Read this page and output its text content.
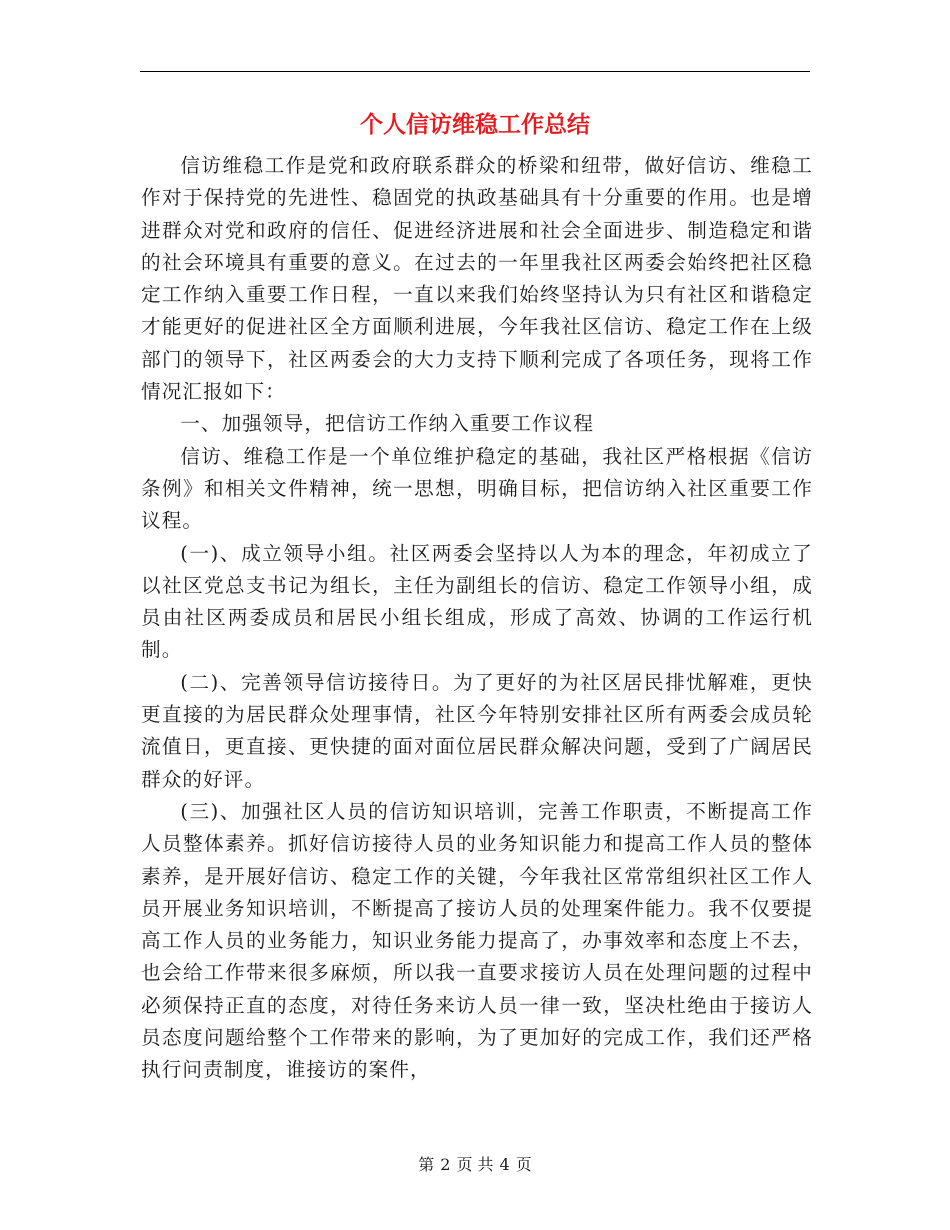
个人信访维稳工作总结

信访维稳工作是党和政府联系群众的桥梁和纽带，做好信访、维稳工作对于保持党的先进性、稳固党的执政基础具有十分重要的作用。也是增进群众对党和政府的信任、促进经济进展和社会全面进步、制造稳定和谐的社会环境具有重要的意义。在过去的一年里我社区两委会始终把社区稳定工作纳入重要工作日程，一直以来我们始终坚持认为只有社区和谐稳定才能更好的促进社区全方面顺利进展，今年我社区信访、稳定工作在上级部门的领导下，社区两委会的大力支持下顺利完成了各项任务，现将工作情况汇报如下：

一、加强领导，把信访工作纳入重要工作议程

信访、维稳工作是一个单位维护稳定的基础，我社区严格根据《信访条例》和相关文件精神，统一思想，明确目标，把信访纳入社区重要工作议程。

(一)、成立领导小组。社区两委会坚持以人为本的理念，年初成立了以社区党总支书记为组长，主任为副组长的信访、稳定工作领导小组，成员由社区两委成员和居民小组长组成，形成了高效、协调的工作运行机制。

(二)、完善领导信访接待日。为了更好的为社区居民排忧解难，更快更直接的为居民群众处理事情，社区今年特别安排社区所有两委会成员轮流值日，更直接、更快捷的面对面位居民群众解决问题，受到了广阔居民群众的好评。

(三)、加强社区人员的信访知识培训，完善工作职责，不断提高工作人员整体素养。抓好信访接待人员的业务知识能力和提高工作人员的整体素养，是开展好信访、稳定工作的关键，今年我社区常常组织社区工作人员开展业务知识培训，不断提高了接访人员的处理案件能力。我不仅要提高工作人员的业务能力，知识业务能力提高了，办事效率和态度上不去，也会给工作带来很多麻烦，所以我一直要求接访人员在处理问题的过程中必须保持正直的态度，对待任务来访人员一律一致，坚决杜绝由于接访人员态度问题给整个工作带来的影响，为了更加好的完成工作，我们还严格执行问责制度，谁接访的案件，

第 2 页 共 4 页
